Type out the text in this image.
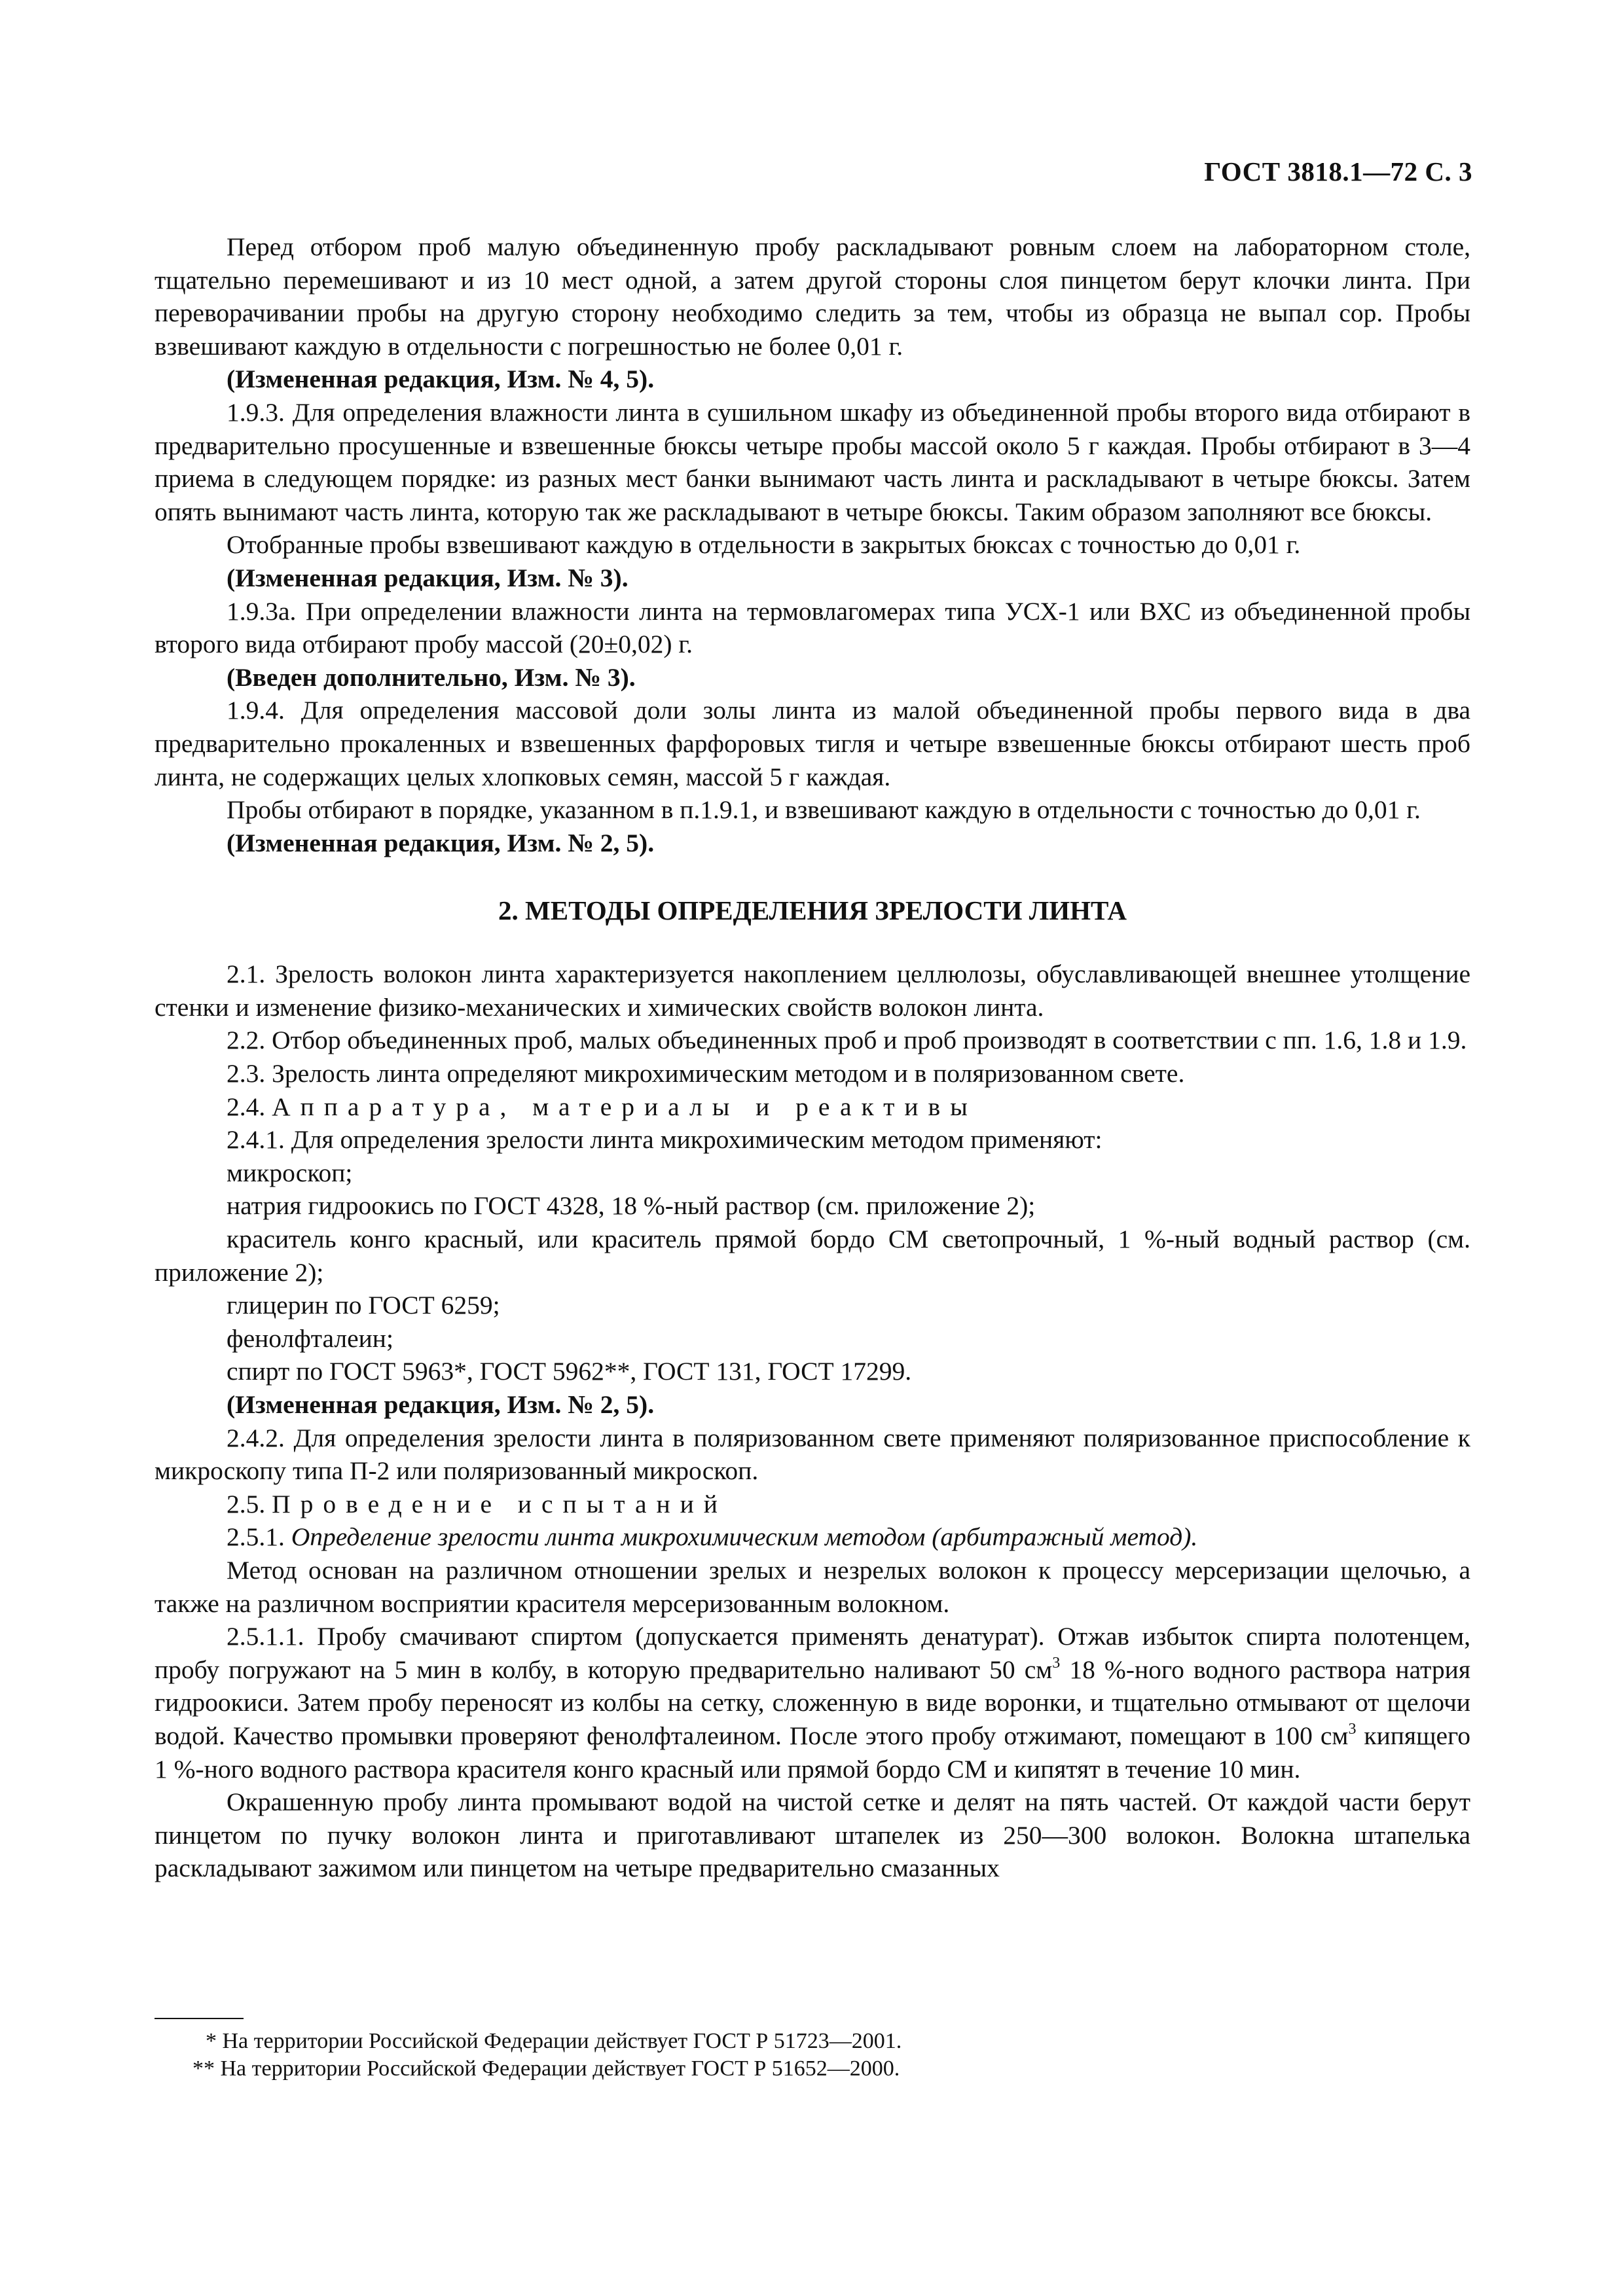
ГОСТ 3818.1—72 С. 3

Перед отбором проб малую объединенную пробу раскладывают ровным слоем на лабораторном столе, тщательно перемешивают и из 10 мест одной, а затем другой стороны слоя пинцетом берут клочки линта. При переворачивании пробы на другую сторону необходимо следить за тем, чтобы из образца не выпал сор. Пробы взвешивают каждую в отдельности с погрешностью не более 0,01 г.

(Измененная редакция, Изм. № 4, 5).

1.9.3. Для определения влажности линта в сушильном шкафу из объединенной пробы второго вида отбирают в предварительно просушенные и взвешенные бюксы четыре пробы массой около 5 г каждая. Пробы отбирают в 3—4 приема в следующем порядке: из разных мест банки вынимают часть линта и раскладывают в четыре бюксы. Затем опять вынимают часть линта, которую так же раскладывают в четыре бюксы. Таким образом заполняют все бюксы.

Отобранные пробы взвешивают каждую в отдельности в закрытых бюксах с точностью до 0,01 г.

(Измененная редакция, Изм. № 3).

1.9.3а. При определении влажности линта на термовлагомерах типа УСХ-1 или ВХС из объединенной пробы второго вида отбирают пробу массой (20±0,02) г.

(Введен дополнительно, Изм. № 3).

1.9.4. Для определения массовой доли золы линта из малой объединенной пробы первого вида в два предварительно прокаленных и взвешенных фарфоровых тигля и четыре взвешенные бюксы отбирают шесть проб линта, не содержащих целых хлопковых семян, массой 5 г каждая.

Пробы отбирают в порядке, указанном в п.1.9.1, и взвешивают каждую в отдельности с точностью до 0,01 г.

(Измененная редакция, Изм. № 2, 5).

2. МЕТОДЫ ОПРЕДЕЛЕНИЯ ЗРЕЛОСТИ ЛИНТА

2.1. Зрелость волокон линта характеризуется накоплением целлюлозы, обуславливающей внешнее утолщение стенки и изменение физико-механических и химических свойств волокон линта.

2.2. Отбор объединенных проб, малых объединенных проб и проб производят в соответствии с пп. 1.6, 1.8 и 1.9.

2.3. Зрелость линта определяют микрохимическим методом и в поляризованном свете.

2.4. Аппаратура, материалы и реактивы

2.4.1. Для определения зрелости линта микрохимическим методом применяют:

микроскоп;

натрия гидроокись по ГОСТ 4328, 18 %-ный раствор (см. приложение 2);

краситель конго красный, или краситель прямой бордо СМ светопрочный, 1 %-ный водный раствор (см. приложение 2);

глицерин по ГОСТ 6259;

фенолфталеин;

спирт по ГОСТ 5963*, ГОСТ 5962**, ГОСТ 131, ГОСТ 17299.

(Измененная редакция, Изм. № 2, 5).

2.4.2. Для определения зрелости линта в поляризованном свете применяют поляризованное приспособление к микроскопу типа П-2 или поляризованный микроскоп.

2.5. Проведение испытаний

2.5.1. Определение зрелости линта микрохимическим методом (арбитражный метод).

Метод основан на различном отношении зрелых и незрелых волокон к процессу мерсеризации щелочью, а также на различном восприятии красителя мерсеризованным волокном.

2.5.1.1. Пробу смачивают спиртом (допускается применять денатурат). Отжав избыток спирта полотенцем, пробу погружают на 5 мин в колбу, в которую предварительно наливают 50 $см^3$ 18 %-ного водного раствора натрия гидроокиси. Затем пробу переносят из колбы на сетку, сложенную в виде воронки, и тщательно отмывают от щелочи водой. Качество промывки проверяют фенолфталеином. После этого пробу отжимают, помещают в 100 $см^3$ кипящего 1 %-ного водного раствора красителя конго красный или прямой бордо СМ и кипятят в течение 10 мин.

Окрашенную пробу линта промывают водой на чистой сетке и делят на пять частей. От каждой части берут пинцетом по пучку волокон линта и приготавливают штапелек из 250—300 волокон. Волокна штапелька раскладывают зажимом или пинцетом на четыре предварительно смазанных

* На территории Российской Федерации действует ГОСТ Р 51723—2001.
** На территории Российской Федерации действует ГОСТ Р 51652—2000.
